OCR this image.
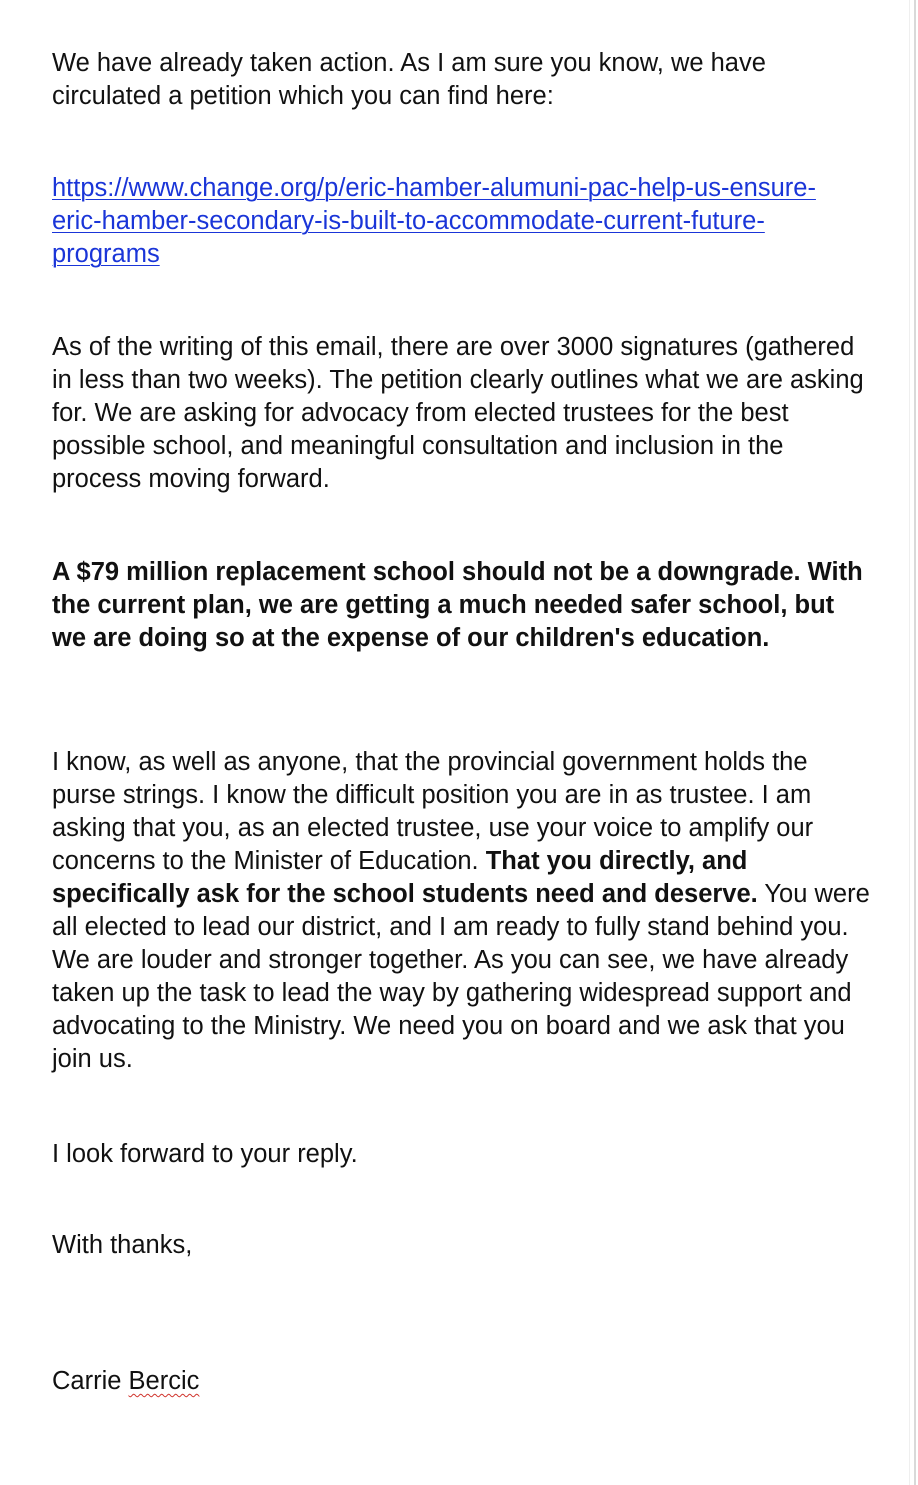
We have already taken action. As I am sure you know, we have circulated a petition which you can find here:

https://www.change.org/p/eric-hamber-alumuni-pac-help-us-ensure-eric-hamber-secondary-is-built-to-accommodate-current-future-programs

As of the writing of this email, there are over 3000 signatures (gathered in less than two weeks). The petition clearly outlines what we are asking for. We are asking for advocacy from elected trustees for the best possible school, and meaningful consultation and inclusion in the process moving forward.

A $79 million replacement school should not be a downgrade. With the current plan, we are getting a much needed safer school, but we are doing so at the expense of our children's education.

I know, as well as anyone, that the provincial government holds the purse strings. I know the difficult position you are in as trustee. I am asking that you, as an elected trustee, use your voice to amplify our concerns to the Minister of Education. That you directly, and specifically ask for the school students need and deserve. You were all elected to lead our district, and I am ready to fully stand behind you. We are louder and stronger together. As you can see, we have already taken up the task to lead the way by gathering widespread support and advocating to the Ministry. We need you on board and we ask that you join us.

I look forward to your reply.

With thanks,

Carrie Bercic
